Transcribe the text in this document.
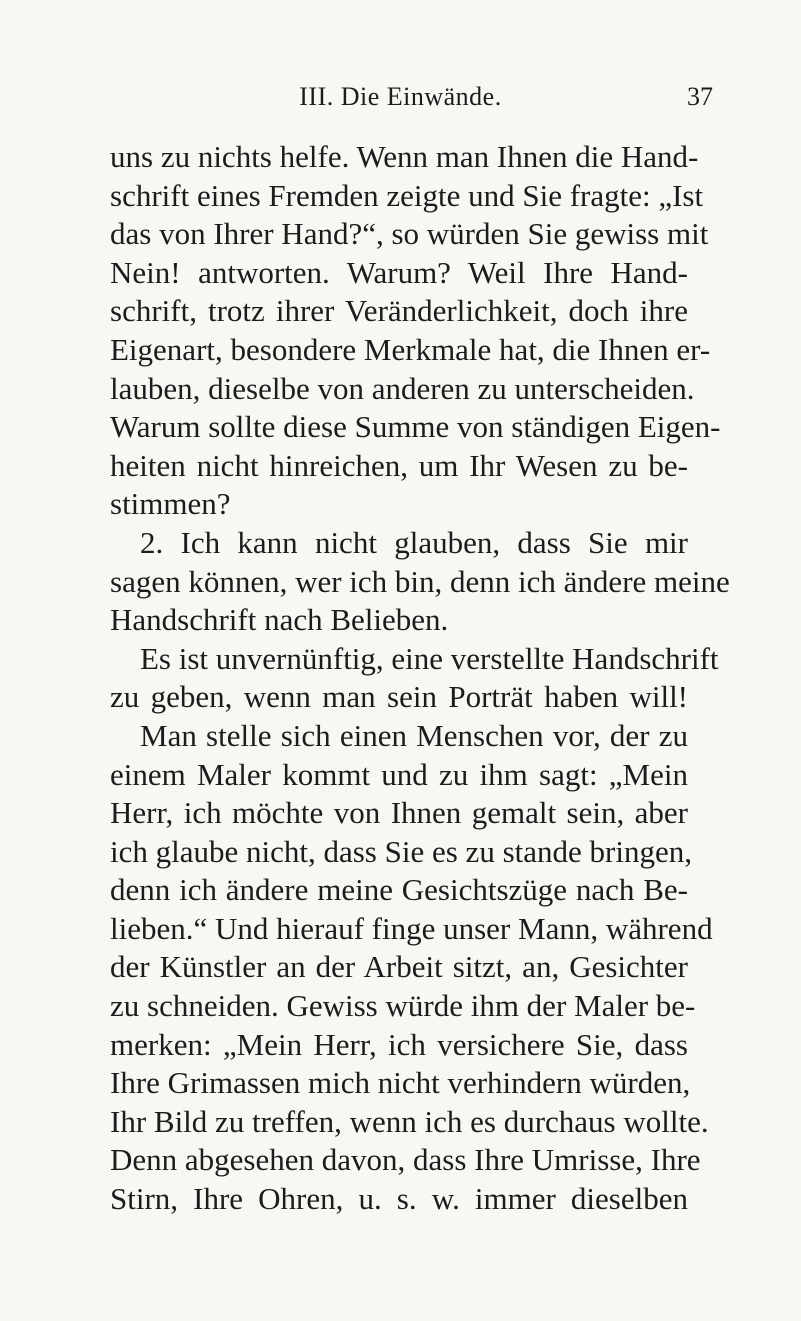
III. Die Einwände.	37
uns zu nichts helfe. Wenn man Ihnen die Hand-
schrift eines Fremden zeigte und Sie fragte: „Ist
das von Ihrer Hand?“, so würden Sie gewiss mit
Nein! antworten. Warum? Weil Ihre Hand-
schrift, trotz ihrer Veränderlichkeit, doch ihre
Eigenart, besondere Merkmale hat, die Ihnen er-
lauben, dieselbe von anderen zu unterscheiden.
Warum sollte diese Summe von ständigen Eigen-
heiten nicht hinreichen, um Ihr Wesen zu be-
stimmen?
2. Ich kann nicht glauben, dass Sie mir
sagen können, wer ich bin, denn ich ändere meine
Handschrift nach Belieben.
Es ist unvernünftig, eine verstellte Handschrift
zu geben, wenn man sein Porträt haben will!
Man stelle sich einen Menschen vor, der zu
einem Maler kommt und zu ihm sagt: „Mein
Herr, ich möchte von Ihnen gemalt sein, aber
ich glaube nicht, dass Sie es zu stande bringen,
denn ich ändere meine Gesichtszüge nach Be-
lieben.“ Und hierauf finge unser Mann, während
der Künstler an der Arbeit sitzt, an, Gesichter
zu schneiden. Gewiss würde ihm der Maler be-
merken: „Mein Herr, ich versichere Sie, dass
Ihre Grimassen mich nicht verhindern würden,
Ihr Bild zu treffen, wenn ich es durchaus wollte.
Denn abgesehen davon, dass Ihre Umrisse, Ihre
Stirn, Ihre Ohren, u. s. w. immer dieselben
